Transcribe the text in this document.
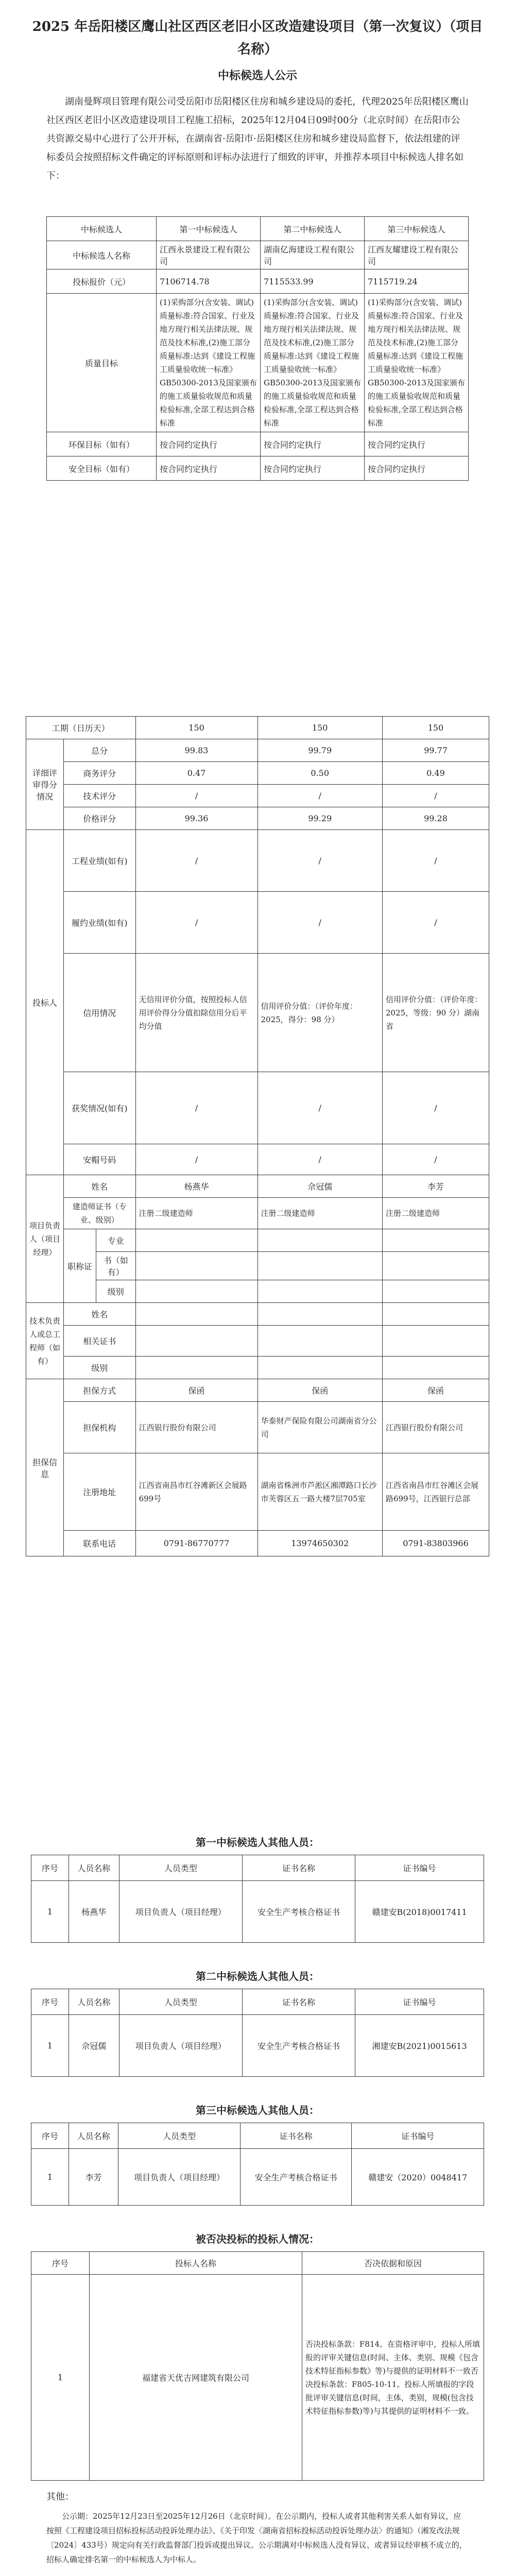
2025 年岳阳楼区鹰山社区西区老旧小区改造建设项目（第一次复议）（项目名称）
中标候选人公示
湖南曼辉项目管理有限公司受岳阳市岳阳楼区住房和城乡建设局的委托，代理2025年岳阳楼区鹰山社区西区老旧小区改造建设项目工程施工招标，2025年12月04日09时00分（北京时间）在岳阳市公共资源交易中心进行了公开开标，在湖南省·岳阳市·岳阳楼区住房和城乡建设局监督下，依法组建的评标委员会按照招标文件确定的评标原则和评标办法进行了细致的评审，并推荐本项目中标候选人排名如下：
中标候选人	第一中标候选人	第二中标候选人	第三中标候选人
中标候选人名称	江西永景建设工程有限公司	湖南亿海建设工程有限公司	江西友耀建设工程有限公司
投标报价（元）	7106714.78	7115533.99	7115719.24
质量目标	(1)采购部分(含安装、调试)质量标准:符合国家、行业及地方现行相关法律法规、规范及技术标准,(2)施工部分质量标准:达到《建设工程施工质量验收统一标准》GB50300-2013及国家颁布的施工质量验收规范和质量检验标准,全部工程达到合格标准	(1)采购部分(含安装、调试)质量标准:符合国家、行业及地方现行相关法律法规、规范及技术标准,(2)施工部分质量标准:达到《建设工程施工质量验收统一标准》GB50300-2013及国家颁布的施工质量验收规范和质量检验标准,全部工程达到合格标准	(1)采购部分(含安装、调试)质量标准:符合国家、行业及地方现行相关法律法规、规范及技术标准,(2)施工部分质量标准:达到《建设工程施工质量验收统一标准》GB50300-2013及国家颁布的施工质量验收规范和质量检验标准,全部工程达到合格标准
环保目标（如有）	按合同约定执行	按合同约定执行	按合同约定执行
安全目标（如有）	按合同约定执行	按合同约定执行	按合同约定执行
工期（日历天）			150	150	150
详细评审得分情况	总分		99.83	99.79	99.77
	商务评分		0.47	0.50	0.49
	技术评分		/	/	/
	价格评分		99.36	99.29	99.28
投标人	工程业绩(如有)		/	/	/
	履约业绩(如有)		/	/	/
	信用情况		无信用评价分值，按照投标人信用评价得分分值扣除信用分后平均分值	信用评价分值：（评价年度：2025，得分：98 分）	信用评价分值：（评价年度：2025，等级：90 分）湖南省
	获奖情况(如有)		/	/	/
	安帽号码		/	/	/
项目负责人（项目经理）	姓名		杨燕华	佘冠儒	李芳
	建造师证书（专业、级别）		注册二级建造师	注册二级建造师	注册二级建造师
	职称证	专业			
		书（如有）			
		级别			
技术负责人或总工程师（如有）	姓名				
	相关证书				
	级别				
担保信息	担保方式		保函	保函	保函
	担保机构		江西银行股份有限公司	华泰财产保险有限公司湖南省分公司	江西银行股份有限公司
	注册地址		江西省南昌市红谷滩新区会展路699号	湖南省株洲市芦淞区湘潭路口长沙市芙蓉区五一路大楼7层705室	江西省南昌市红谷滩区会展路699号，江西银行总部
	联系电话		0791-86770777	13974650302	0791-83803966
第一中标候选人其他人员：
序号	人员名称	人员类型	证书名称	证书编号
1	杨燕华	项目负责人（项目经理）	安全生产考核合格证书	赣建安B(2018)0017411
第二中标候选人其他人员：
序号	人员名称	人员类型	证书名称	证书编号
1	佘冠儒	项目负责人（项目经理）	安全生产考核合格证书	湘建安B(2021)0015613
第三中标候选人其他人员：
序号	人员名称	人员类型	证书名称	证书编号
1	李芳	项目负责人（项目经理）	安全生产考核合格证书	赣建安（2020）0048417
被否决投标的投标人情况：
序号	投标人名称	否决依据和原因
1	福建省天优吉网建筑有限公司	否决投标条款：F814。在资格评审中，投标人所填报的评审关键信息(时间、主体、类别、规模《包含技术特征指标参数》等)与提供的证明材料不一致否决投标条款：F805-10-11。投标人所填报的字段批评审关键信息(时间，主体，类别，规模(包含技术特征指标参数)等)与其提供的证明材料不一致。
其他：
公示期：2025年12月23日至2025年12月26日（北京时间）。在公示期内，投标人或者其他利害关系人如有异议，应按照《工程建设项目招标投标活动投诉处理办法》、《关于印发〈湖南省招标投标活动投诉处理办法〉的通知》（湘发改法规〔2024〕433号）规定向有关行政监督部门投诉或提出异议。公示期满对中标候选人没有异议、或者异议经审核不成立的，招标人确定排名第一的中标候选人为中标人。
